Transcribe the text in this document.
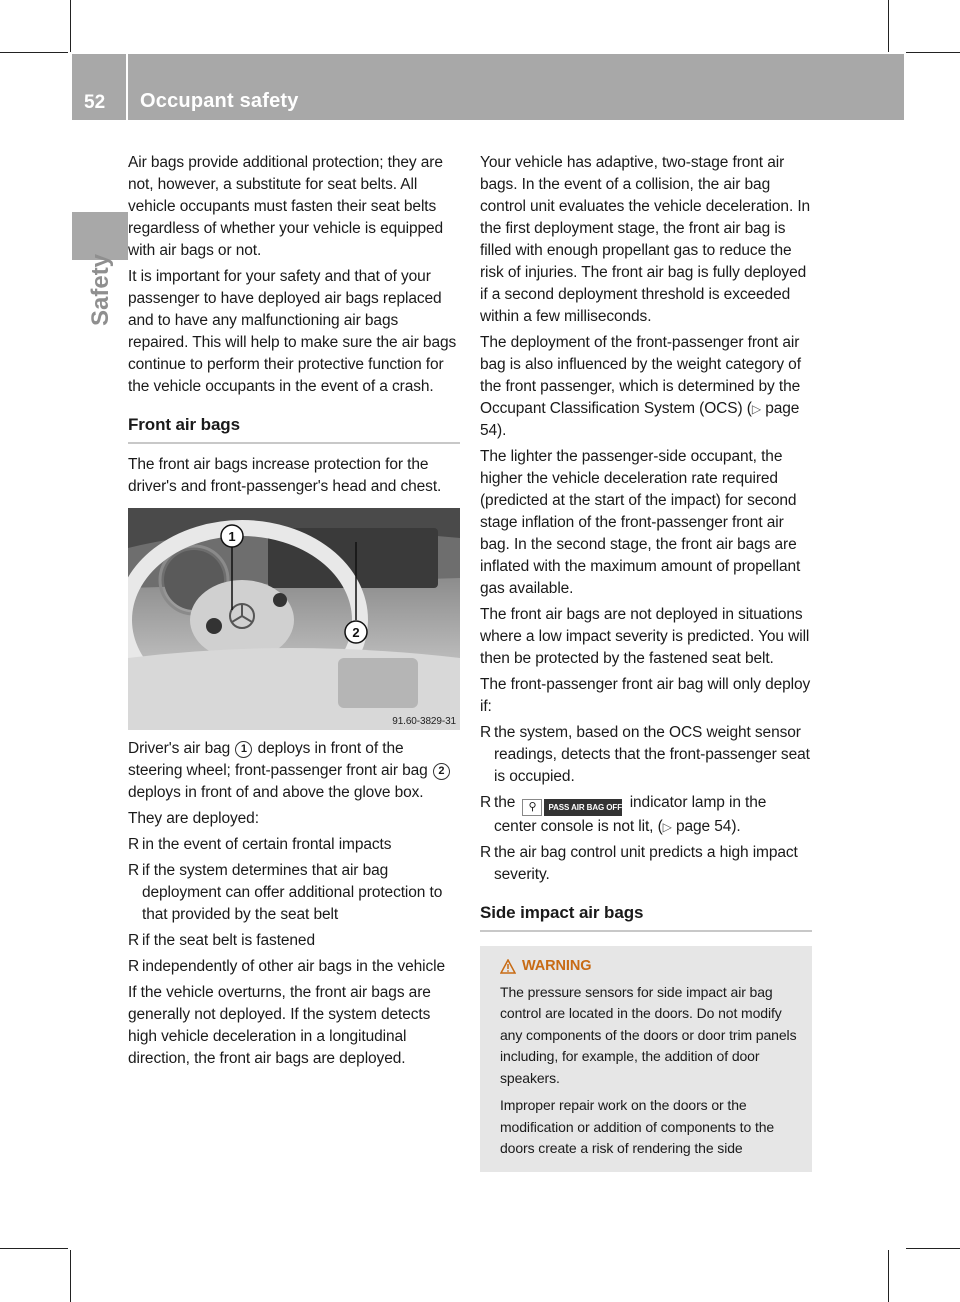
52	Occupant safety
Safety

Air bags provide additional protection; they are not, however, a substitute for seat belts. All vehicle occupants must fasten their seat belts regardless of whether your vehicle is equipped with air bags or not.

It is important for your safety and that of your passenger to have deployed air bags replaced and to have any malfunctioning air bags repaired. This will help to make sure the air bags continue to perform their protective function for the vehicle occupants in the event of a crash.

Front air bags

The front air bags increase protection for the driver's and front-passenger's head and chest.

1
2
91.60-3829-31

Driver's air bag 1 deploys in front of the steering wheel; front-passenger front air bag 2 deploys in front of and above the glove box.

They are deployed:

R in the event of certain frontal impacts
R if the system determines that air bag deployment can offer additional protection to that provided by the seat belt
R if the seat belt is fastened
R independently of other air bags in the vehicle

If the vehicle overturns, the front air bags are generally not deployed. If the system detects high vehicle deceleration in a longitudinal direction, the front air bags are deployed.

Your vehicle has adaptive, two-stage front air bags. In the event of a collision, the air bag control unit evaluates the vehicle deceleration. In the first deployment stage, the front air bag is filled with enough propellant gas to reduce the risk of injuries. The front air bag is fully deployed if a second deployment threshold is exceeded within a few milliseconds.

The deployment of the front-passenger front air bag is also influenced by the weight category of the front passenger, which is determined by the Occupant Classification System (OCS) (▷ page 54).

The lighter the passenger-side occupant, the higher the vehicle deceleration rate required (predicted at the start of the impact) for second stage inflation of the front-passenger front air bag. In the second stage, the front air bags are inflated with the maximum amount of propellant gas available.

The front air bags are not deployed in situations where a low impact severity is predicted. You will then be protected by the fastened seat belt.

The front-passenger front air bag will only deploy if:

R the system, based on the OCS weight sensor readings, detects that the front-passenger seat is occupied.
R the	⚲	PASS AIR BAG OFF indicator lamp in the center console is not lit, (▷ page 54).
R the air bag control unit predicts a high impact severity.
Side impact air bags
WARNING

The pressure sensors for side impact air bag control are located in the doors. Do not modify any components of the doors or door trim panels including, for example, the addition of door speakers.

Improper repair work on the doors or the modification or addition of components to the doors create a risk of rendering the side
